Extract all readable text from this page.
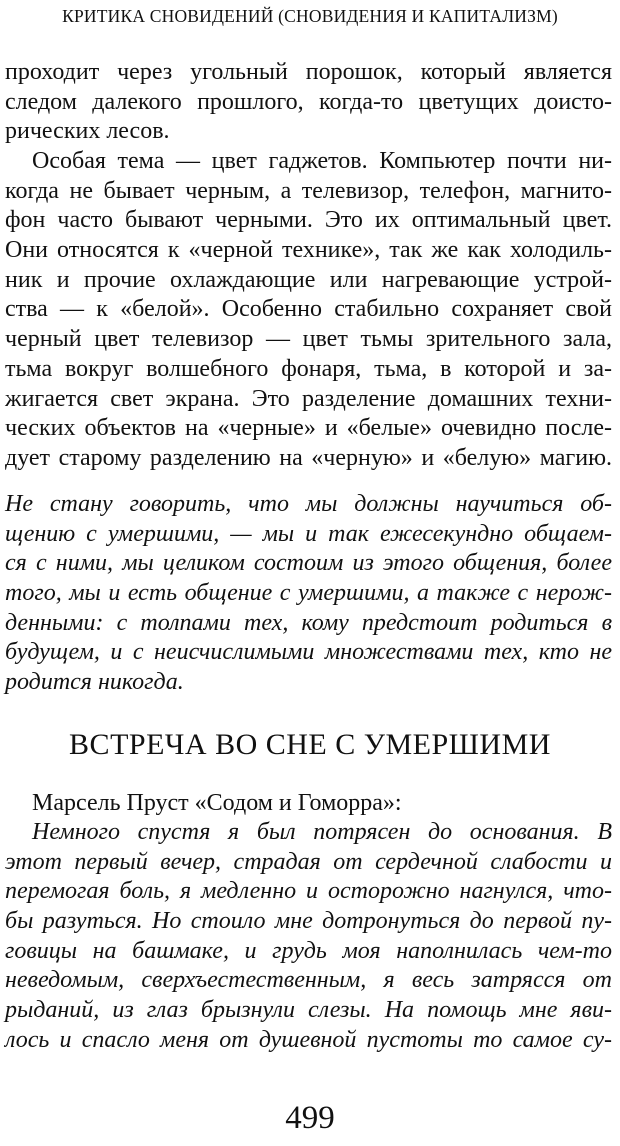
КРИТИКА СНОВИДЕНИЙ (СНОВИДЕНИЯ И КАПИТАЛИЗМ)
проходит через угольный порошок, который является
следом далекого прошлого, когда-то цветущих доисто-
рических лесов.
Особая тема — цвет гаджетов. Компьютер почти ни-
когда не бывает черным, а телевизор, телефон, магнито-
фон часто бывают черными. Это их оптимальный цвет.
Они относятся к «черной технике», так же как холодиль-
ник и прочие охлаждающие или нагревающие устрой-
ства — к «белой». Особенно стабильно сохраняет свой
черный цвет телевизор — цвет тьмы зрительного зала,
тьма вокруг волшебного фонаря, тьма, в которой и за-
жигается свет экрана. Это разделение домашних техни-
ческих объектов на «черные» и «белые» очевидно после-
дует старому разделению на «черную» и «белую» магию.
Не стану говорить, что мы должны научиться об-
щению с умершими, — мы и так ежесекундно общаем-
ся с ними, мы целиком состоим из этого общения, более
того, мы и есть общение с умершими, а также с нерож-
денными: с толпами тех, кому предстоит родиться в
будущем, и с неисчислимыми множествами тех, кто не
родится никогда.
ВСТРЕЧА ВО СНЕ С УМЕРШИМИ
Марсель Пруст «Содом и Гоморра»:
Немного спустя я был потрясен до основания. В
этот первый вечер, страдая от сердечной слабости и
перемогая боль, я медленно и осторожно нагнулся, что-
бы разуться. Но стоило мне дотронуться до первой пу-
говицы на башмаке, и грудь моя наполнилась чем-то
неведомым, сверхъестественным, я весь затрясся от
рыданий, из глаз брызнули слезы. На помощь мне яви-
лось и спасло меня от душевной пустоты то самое су-
499
